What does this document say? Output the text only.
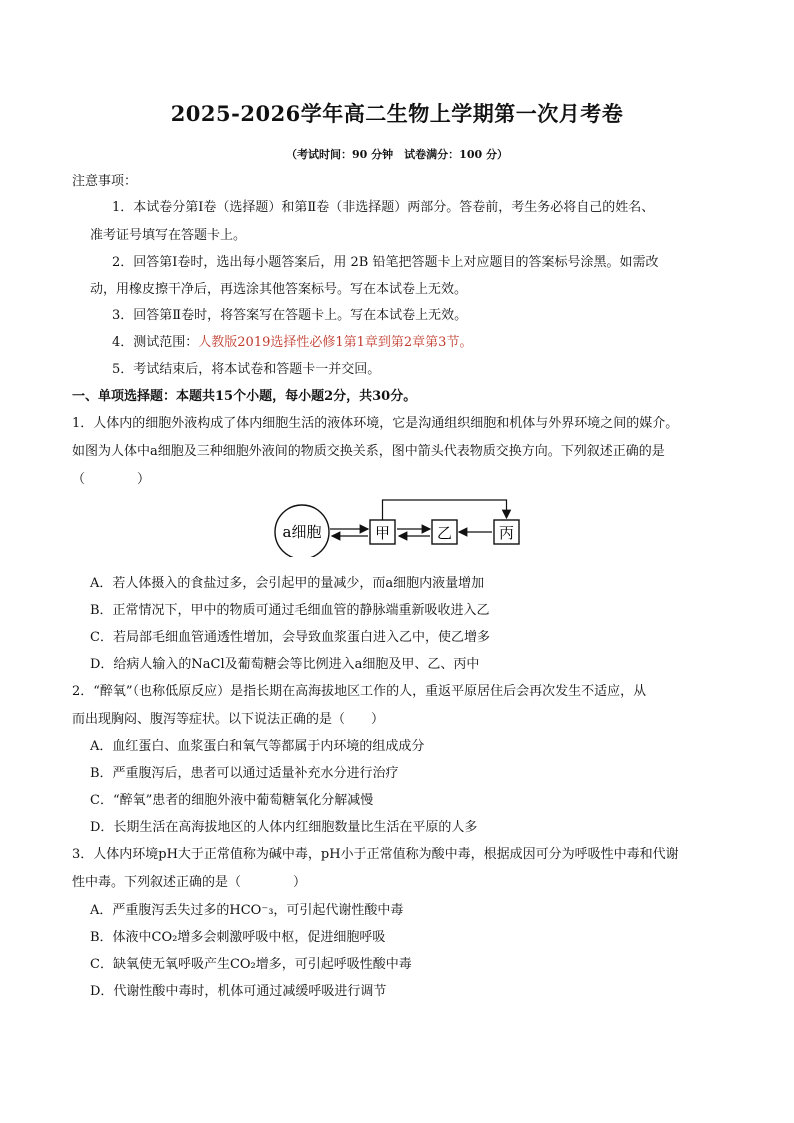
2025-2026学年高二生物上学期第一次月考卷
（考试时间：90 分钟　试卷满分：100 分）
注意事项：
1．本试卷分第Ⅰ卷（选择题）和第Ⅱ卷（非选择题）两部分。答卷前，考生务必将自己的姓名、
准考证号填写在答题卡上。
2．回答第Ⅰ卷时，选出每小题答案后，用 2B 铅笔把答题卡上对应题目的答案标号涂黑。如需改
动，用橡皮擦干净后，再选涂其他答案标号。写在本试卷上无效。
3．回答第Ⅱ卷时，将答案写在答题卡上。写在本试卷上无效。
4．测试范围：人教版2019选择性必修1第1章到第2章第3节。
5．考试结束后，将本试卷和答题卡一并交回。
一、单项选择题：本题共15个小题，每小题2分，共30分。
1．人体内的细胞外液构成了体内细胞生活的液体环境，它是沟通组织细胞和机体与外界环境之间的媒介。
如图为人体中a细胞及三种细胞外液间的物质交换关系，图中箭头代表物质交换方向。下列叙述正确的是
（　　　　）
a细胞	甲	乙	丙
A．若人体摄入的食盐过多，会引起甲的量减少，而a细胞内液量增加
B．正常情况下，甲中的物质可通过毛细血管的静脉端重新吸收进入乙
C．若局部毛细血管通透性增加，会导致血浆蛋白进入乙中，使乙增多
D．给病人输入的NaCl及葡萄糖会等比例进入a细胞及甲、乙、丙中
2．“醉氧”（也称低原反应）是指长期在高海拔地区工作的人，重返平原居住后会再次发生不适应，从
而出现胸闷、腹泻等症状。以下说法正确的是（　　）
A．血红蛋白、血浆蛋白和氧气等都属于内环境的组成成分
B．严重腹泻后，患者可以通过适量补充水分进行治疗
C．“醉氧”患者的细胞外液中葡萄糖氧化分解减慢
D．长期生活在高海拔地区的人体内红细胞数量比生活在平原的人多
3．人体内环境pH大于正常值称为碱中毒，pH小于正常值称为酸中毒，根据成因可分为呼吸性中毒和代谢
性中毒。下列叙述正确的是（　　　　）
A．严重腹泻丢失过多的HCO⁻₃，可引起代谢性酸中毒
B．体液中CO₂增多会刺激呼吸中枢，促进细胞呼吸
C．缺氧使无氧呼吸产生CO₂增多，可引起呼吸性酸中毒
D．代谢性酸中毒时，机体可通过减缓呼吸进行调节
